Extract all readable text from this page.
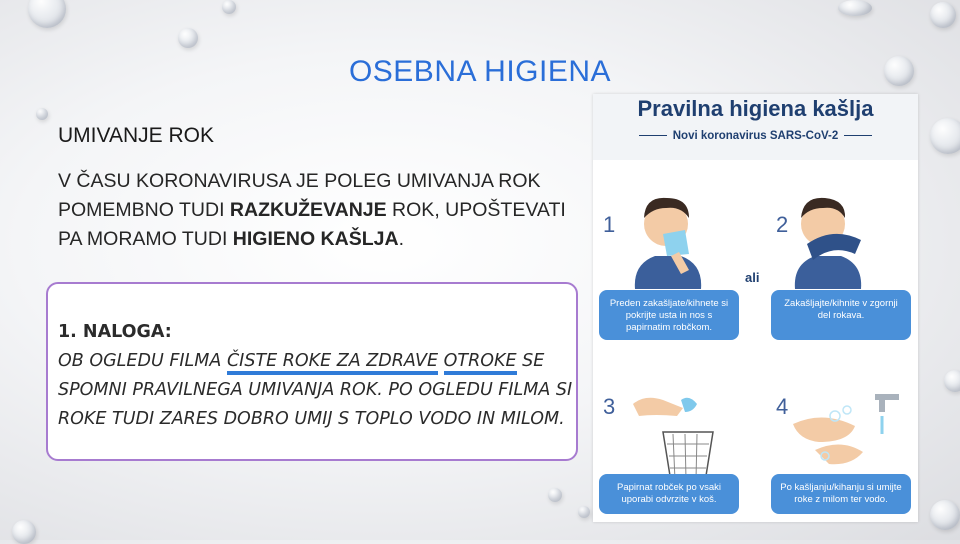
OSEBNA HIGIENA
UMIVANJE ROK
V ČASU KORONAVIRUSA JE POLEG UMIVANJA ROK POMEMBNO TUDI RAZKUŽEVANJE ROK, UPOŠTEVATI PA MORAMO TUDI HIGIENO KAŠLJA.
1. NALOGA:
OB OGLEDU FILMA ČISTE ROKE ZA ZDRAVE OTROKE SE SPOMNI PRAVILNEGA UMIVANJA ROK. PO OGLEDU FILMA SI ROKE TUDI ZARES DOBRO UMIJ S TOPLO VODO IN MILOM.
Pravilna higiena kašlja
Novi koronavirus SARS-CoV-2
1	2
3	4
Preden zakašljate/kihnete si pokrijte usta in nos s papirnatim robčkom.
Zakašljajte/kihnite v zgornji del rokava.
Papirnat robček po vsaki uporabi odvrzite v koš.
Po kašljanju/kihanju si umijte roke z milom ter vodo.
ali
